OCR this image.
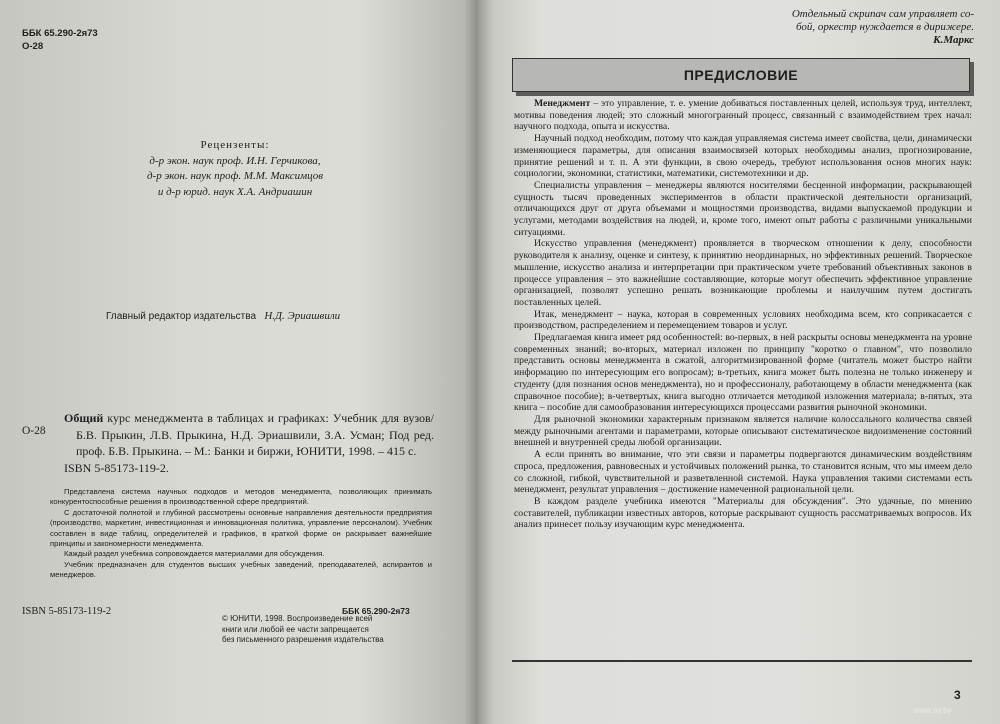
ББК 65.290-2я73
О-28
Рецензенты:
д-р экон. наук проф. И.Н. Герчикова,
д-р экон. наук проф. М.М. Максимцов
и д-р юрид. наук Х.А. Андриашин
Главный редактор издательства Н.Д. Эриашвили
О-28

Общий курс менеджмента в таблицах и графиках: Учебник для вузов/ Б.В. Прыкин, Л.В. Прыкина, Н.Д. Эриашвили, З.А. Усман; Под ред. проф. Б.В. Прыкина. – М.: Банки и биржи, ЮНИТИ, 1998. – 415 с.

ISBN 5-85173-119-2.

Представлена система научных подходов и методов менеджмента, позволяющих принимать конкурентоспособные решения в производственной сфере предприятий.

С достаточной полнотой и глубиной рассмотрены основные направления деятельности предприятия (производство, маркетинг, инвестиционная и инновационная политика, управление персоналом). Учебник составлен в виде таблиц, определителей и графиков, в краткой форме он раскрывает важнейшие принципы и закономерности менеджмента.

Каждый раздел учебника сопровождается материалами для обсуждения.

Учебник предназначен для студентов высших учебных заведений, преподавателей, аспирантов и менеджеров.

ISBN 5-85173-119-2	ББК 65.290-2я73
© ЮНИТИ, 1998. Воспроизведение всей
книги или любой ее части запрещается
без письменного разрешения издательства
Отдельный скрипач сам управляет со-
бой, оркестр нуждается в дирижере.
К.Маркс
ПРЕДИСЛОВИЕ

Менеджмент – это управление, т. е. умение добиваться поставленных целей, используя труд, интеллект, мотивы поведения людей; это сложный многогранный процесс, связанный с взаимодействием трех начал: научного подхода, опыта и искусства.

Научный подход необходим, потому что каждая управляемая система имеет свойства, цели, динамически изменяющиеся параметры, для описания взаимосвязей которых необходимы анализ, прогнозирование, принятие решений и т. п. А эти функции, в свою очередь, требуют использования основ многих наук: социологии, экономики, статистики, математики, системотехники и др.

Специалисты управления – менеджеры являются носителями бесценной информации, раскрывающей сущность тысяч проведенных экспериментов в области практической деятельности организаций, отличающихся друг от друга объемами и мощностями производства, видами выпускаемой продукции и услугами, методами воздействия на людей, и, кроме того, имеют опыт работы с различными уникальными ситуациями.

Искусство управления (менеджмент) проявляется в творческом отношении к делу, способности руководителя к анализу, оценке и синтезу, к принятию неординарных, но эффективных решений. Творческое мышление, искусство анализа и интерпретации при практическом учете требований объективных законов в процессе управления – это важнейшие составляющие, которые могут обеспечить эффективное управление организацией, позволят успешно решать возникающие проблемы и наилучшим путем достигать поставленных целей.

Итак, менеджмент – наука, которая в современных условиях необходима всем, кто соприкасается с производством, распределением и перемещением товаров и услуг.

Предлагаемая книга имеет ряд особенностей: во-первых, в ней раскрыты основы менеджмента на уровне современных знаний; во-вторых, материал изложен по принципу "коротко о главном", что позволило представить основы менеджмента в сжатой, алгоритмизированной форме (читатель может быстро найти информацию по интересующим его вопросам); в-третьих, книга может быть полезна не только инженеру и студенту (для познания основ менеджмента), но и профессионалу, работающему в области менеджмента (как справочное пособие); в-четвертых, книга выгодно отличается методикой изложения материала; в-пятых, эта книга – пособие для самообразования интересующихся процессами развития рыночной экономики.

Для рыночной экономики характерным признаком является наличие колоссального количества связей между рыночными агентами и параметрами, которые описывают систематическое видоизменение состояний внешней и внутренней среды любой организации.

А если принять во внимание, что эти связи и параметры подвергаются динамическим воздействиям спроса, предложения, равновесных и устойчивых положений рынка, то становится ясным, что мы имеем дело со сложной, гибкой, чувствительной и разветвленной системой. Наука управления такими системами есть менеджмент, результат управления – достижение намеченной рациональной цели.

В каждом разделе учебника имеются "Материалы для обсуждения". Это удачные, по мнению составителей, публикации известных авторов, которые раскрывают сущность рассматриваемых вопросов. Их анализ принесет пользу изучающим курс менеджмента.

3
www.ay.by
